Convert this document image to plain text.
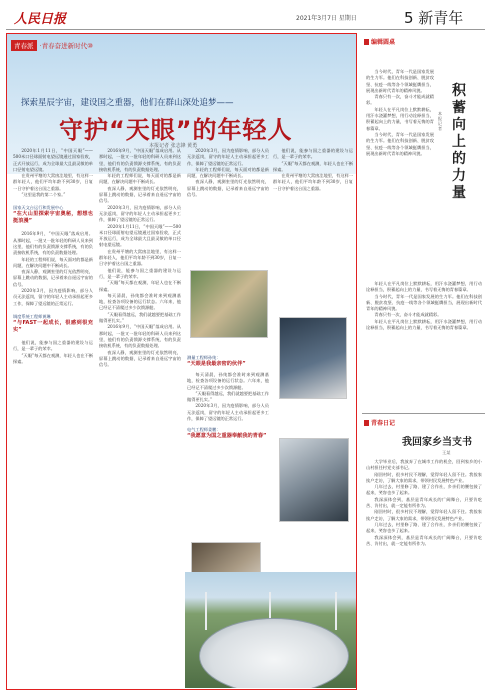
人民日报	2021年3月7日 星期日	5 新青年
青春派 ·青春奋进新时代⑩
探索星辰宇宙，建设国之重器，他们在群山深处追梦——
守护“天眼”的年轻人
本报记者 张志锋 黄勇

2020年1月11日，“中国天眼”——500米口径球面射电望远镜通过国家验收，正式开放运行，成为全球最大且最灵敏的单口径射电望远镜。

在贵州平塘的大窝凼洼地里，有这样一群年轻人，他们平均年龄不到30岁，日复一日守护着这台国之重器。

“这里是我的第二个家。”

国家天文台运行和发展中心
“在大山里探索宇宙奥秘，想想也挺浪漫”

2016年9月，“中国天眼”落成启用。从那时起，一批又一批年轻的科研人员来到这里，他们有的负责馈源支撑系统，有的负责接收机系统，有的负责数据处理。

年轻的工程师们说，每天面对的都是新问题，在解决问题中不断成长。

夜深人静，观测室里的灯光依然明亮，屏幕上跳动的数据，记录着来自遥远宇宙的信号。

2020年3月，因为疫情影响，部分人员无法返岗，留守的年轻人主动承担起更多工作，保障了望远镜的正常运行。

调度系统工程师黄琳
“与FAST一起成长，很感到很充实”

他们说，能参与国之重器的建设与运行，是一辈子的荣幸。

“天眼”每天都在观测，年轻人也在不断探索。

2016年9月，“中国天眼”落成启用。从那时起，一批又一批年轻的科研人员来到这里，他们有的负责馈源支撑系统，有的负责接收机系统，有的负责数据处理。

年轻的工程师们说，每天面对的都是新问题，在解决问题中不断成长。

夜深人静，观测室里的灯光依然明亮，屏幕上跳动的数据，记录着来自遥远宇宙的信号。

2020年3月，因为疫情影响，部分人员无法返岗，留守的年轻人主动承担起更多工作，保障了望远镜的正常运行。

2020年1月11日，“中国天眼”——500米口径球面射电望远镜通过国家验收，正式开放运行，成为全球最大且最灵敏的单口径射电望远镜。

在贵州平塘的大窝凼洼地里，有这样一群年轻人，他们平均年龄不到30岁，日复一日守护着这台国之重器。

他们说，能参与国之重器的建设与运行，是一辈子的荣幸。

“天眼”每天都在观测，年轻人也在不断探索。

每天清晨，孙纯都会准时来到观测基地，检查各项设备的运行状态。六年来，他已经记不清爬过多少次馈源舱。

“天眼看得越远，我们就越要把基础工作做得更扎实。”

2016年9月，“中国天眼”落成启用。从那时起，一批又一批年轻的科研人员来到这里，他们有的负责馈源支撑系统，有的负责接收机系统，有的负责数据处理。

夜深人静，观测室里的灯光依然明亮，屏幕上跳动的数据，记录着来自遥远宇宙的信号。

2020年3月，因为疫情影响，部分人员无法返岗，留守的年轻人主动承担起更多工作，保障了望远镜的正常运行。

年轻的工程师们说，每天面对的都是新问题，在解决问题中不断成长。

夜深人静，观测室里的灯光依然明亮，屏幕上跳动的数据，记录着来自遥远宇宙的信号。

他们说，能参与国之重器的建设与运行，是一辈子的荣幸。

“天眼”每天都在观测，年轻人也在不断探索。

在贵州平塘的大窝凼洼地里，有这样一群年轻人，他们平均年龄不到30岁，日复一日守护着这台国之重器。

测量工程师孙纯：
“天眼是我最亲密的伙伴”

每天清晨，孙纯都会准时来到观测基地，检查各项设备的运行状态。六年来，他已经记不清爬过多少次馈源舱。

“天眼看得越远，我们就越要把基础工作做得更扎实。”

2020年3月，因为疫情影响，部分人员无法返岗，留守的年轻人主动承担起更多工作，保障了望远镜的正常运行。

电气工程师姜鹏：
“我愿意为国之重器奉献我的青春”
编辑圆桌

当今时代，青年一代是国家发展的生力军。他们在科技创新、脱贫攻坚、抗疫一线等各个领域挺膺担当，展现出新时代青年的精神风貌。

青春只有一次，奋斗才能成就精彩。

年轻人在平凡岗位上默默耕耘，用汗水浇灌梦想，用行动诠释担当，积蓄起向上的力量，书写着无悔的青春篇章。

当今时代，青年一代是国家发展的生力军。他们在科技创新、脱贫攻坚、抗疫一线等各个领域挺膺担当，展现出新时代青年的精神风貌。

积蓄向上的力量
本报记者

年轻人在平凡岗位上默默耕耘，用汗水浇灌梦想，用行动诠释担当，积蓄起向上的力量，书写着无悔的青春篇章。

当今时代，青年一代是国家发展的生力军。他们在科技创新、脱贫攻坚、抗疫一线等各个领域挺膺担当，展现出新时代青年的精神风貌。

青春只有一次，奋斗才能成就精彩。

年轻人在平凡岗位上默默耕耘，用汗水浇灌梦想，用行动诠释担当，积蓄起向上的力量，书写着无悔的青春篇章。

青春日记
我回家乡当支书
王某

大学毕业后，我放弃了在城市工作的机会，回到家乡的小山村担任村党支部书记。

刚回村时，很多村民不理解，觉得年轻人留不住。我挨家挨户走访，了解大家的需求，带领村民发展特色产业。

几年过去，村里修了路、建了合作社，乡亲们的腰包鼓了起来，笑容也多了起来。

我深深体会到，基层是青年成长的广阔舞台，只要肯吃苦、肯付出，就一定能有所作为。

刚回村时，很多村民不理解，觉得年轻人留不住。我挨家挨户走访，了解大家的需求，带领村民发展特色产业。

几年过去，村里修了路、建了合作社，乡亲们的腰包鼓了起来，笑容也多了起来。

我深深体会到，基层是青年成长的广阔舞台，只要肯吃苦、肯付出，就一定能有所作为。
